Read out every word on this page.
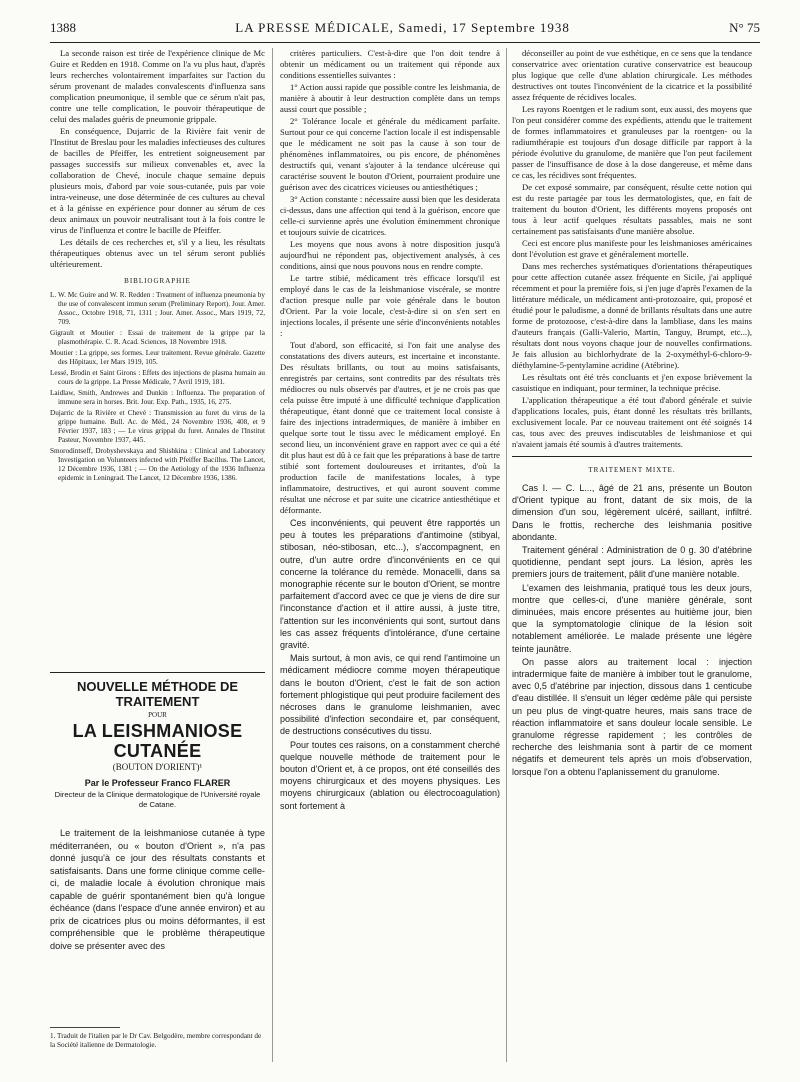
1388	LA PRESSE MÉDICALE, Samedi, 17 Septembre 1938	N° 75

La seconde raison est tirée de l'expérience clinique de Mc Guire et Redden en 1918. Comme on l'a vu plus haut, d'après leurs recherches volontairement imparfaites sur l'action du sérum provenant de malades convalescents d'influenza sans complication pneumonique, il semble que ce sérum n'ait pas, contre une telle complication, le pouvoir thérapeutique de celui des malades guéris de pneumonie grippale.

En conséquence, Dujarric de la Rivière fait venir de l'Institut de Breslau pour les maladies infectieuses des cultures de bacilles de Pfeiffer, les entretient soigneusement par passages successifs sur milieux convenables et, avec la collaboration de Chevé, inocule chaque semaine depuis plusieurs mois, d'abord par voie sous-cutanée, puis par voie intra-veineuse, une dose déterminée de ces cultures au cheval et à la génisse en expérience pour donner au sérum de ces deux animaux un pouvoir neutralisant tout à la fois contre le virus de l'influenza et contre le bacille de Pfeiffer.

Les détails de ces recherches et, s'il y a lieu, les résultats thérapeutiques obtenus avec un tel sérum seront publiés ultérieurement.

BIBLIOGRAPHIE
L. W. Mc Guire and W. R. Redden : Treatment of influenza pneumonia by the use of convalescent immun serum (Preliminary Report). Jour. Amer. Assoc., Octobre 1918, 71, 1311 ; Jour. Amer. Assoc., Mars 1919, 72, 709.
Gigrault et Moutier : Essai de traitement de la grippe par la plasmothérapie. C. R. Acad. Sciences, 18 Novembre 1918.
Moutier : La grippe, ses formes. Leur traitement. Revue générale. Gazette des Hôpitaux, 1er Mars 1919, 105.
Lessé, Brodin et Saint Girons : Effets des injections de plasma humain au cours de la grippe. La Presse Médicale, 7 Avril 1919, 181.
Laidlaw, Smith, Andrewes and Dunkin : Influenza. The preparation of immune sera in horses. Brit. Jour. Exp. Path., 1935, 16, 275.
Dujarric de la Rivière et Chevé : Transmission au furet du virus de la grippe humaine. Bull. Ac. de Méd., 24 Novembre 1936, 408, et 9 Février 1937, 183 ; — Le virus grippal du furet. Annales de l'Institut Pasteur, Novembre 1937, 445.
Smorodintseff, Drobyshevskaya and Shishkina : Clinical and Laboratory Investigation on Volunteers infected with Pfeiffer Bacillus. The Lancet, 12 Décembre 1936, 1381 ; — On the Aetiology of the 1936 Influenza epidemic in Leningrad. The Lancet, 12 Décembre 1936, 1386.
NOUVELLE MÉTHODE DE TRAITEMENT
POUR
LA LEISHMANIOSE CUTANÉE
(BOUTON D'ORIENT)¹
Par le Professeur Franco FLARER
Directeur de la Clinique dermatologique de l'Université royale de Catane.

Le traitement de la leishmaniose cutanée à type méditerranéen, ou « bouton d'Orient », n'a pas donné jusqu'à ce jour des résultats constants et satisfaisants. Dans une forme clinique comme celle-ci, de maladie locale à évolution chronique mais capable de guérir spontanément bien qu'à longue échéance (dans l'espace d'une année environ) et au prix de cicatrices plus ou moins déformantes, il est compréhensible que le problème thérapeutique doive se présenter avec des

1. Traduit de l'italien par le Dr Cav. Belgodère, membre correspondant de la Société italienne de Dermatologie.

critères particuliers. C'est-à-dire que l'on doit tendre à obtenir un médicament ou un traitement qui réponde aux conditions essentielles suivantes :

1° Action aussi rapide que possible contre les leishmania, de manière à aboutir à leur destruction complète dans un temps aussi court que possible ;

2° Tolérance locale et générale du médicament parfaite. Surtout pour ce qui concerne l'action locale il est indispensable que le médicament ne soit pas la cause à son tour de phénomènes inflammatoires, ou pis encore, de phénomènes destructifs qui, venant s'ajouter à la tendance ulcéreuse qui caractérise souvent le bouton d'Orient, pourraient produire une guérison avec des cicatrices vicieuses ou antiesthétiques ;

3° Action constante : nécessaire aussi bien que les desiderata ci-dessus, dans une affection qui tend à la guérison, encore que celle-ci survienne après une évolution éminemment chronique et toujours suivie de cicatrices.

Les moyens que nous avons à notre disposition jusqu'à aujourd'hui ne répondent pas, objectivement analysés, à ces conditions, ainsi que nous pouvons nous en rendre compte.

Le tartre stibié, médicament très efficace lorsqu'il est employé dans le cas de la leishmaniose viscérale, se montre d'action presque nulle par voie générale dans le bouton d'Orient. Par la voie locale, c'est-à-dire si on s'en sert en injections locales, il présente une série d'inconvénients notables :

Tout d'abord, son efficacité, si l'on fait une analyse des constatations des divers auteurs, est incertaine et inconstante. Des résultats brillants, ou tout au moins satisfaisants, enregistrés par certains, sont contredits par des résultats très médiocres ou nuls observés par d'autres, et je ne crois pas que cela puisse être imputé à une difficulté technique d'application thérapeutique, étant donné que ce traitement local consiste à faire des injections intradermiques, de manière à imbiber en quelque sorte tout le tissu avec le médicament employé. En second lieu, un inconvénient grave en rapport avec ce qui a été dit plus haut est dû à ce fait que les préparations à base de tartre stibié sont fortement douloureuses et irritantes, d'où la production facile de manifestations locales, à type inflammatoire, destructives, et qui auront souvent comme résultat une nécrose et par suite une cicatrice antiesthétique et déformante.

Ces inconvénients, qui peuvent être rapportés un peu à toutes les préparations d'antimoine (stibyal, stibosan, néo-stibosan, etc...), s'accompagnent, en outre, d'un autre ordre d'inconvénients en ce qui concerne la tolérance du remède. Monacelli, dans sa monographie récente sur le bouton d'Orient, se montre parfaitement d'accord avec ce que je viens de dire sur l'inconstance d'action et il attire aussi, à juste titre, l'attention sur les inconvénients qui sont, surtout dans les cas assez fréquents d'intolérance, d'une certaine gravité.

Mais surtout, à mon avis, ce qui rend l'antimoine un médicament médiocre comme moyen thérapeutique dans le bouton d'Orient, c'est le fait de son action fortement phlogistique qui peut produire facilement des nécroses dans le granulome leishmanien, avec possibilité d'infection secondaire et, par conséquent, de destructions consécutives du tissu.

Pour toutes ces raisons, on a constamment cherché quelque nouvelle méthode de traitement pour le bouton d'Orient et, à ce propos, ont été conseillés des moyens chirurgicaux et des moyens physiques. Les moyens chirurgicaux (ablation ou électrocoagulation) sont fortement à

déconseiller au point de vue esthétique, en ce sens que la tendance conservatrice avec orientation curative conservatrice est beaucoup plus logique que celle d'une ablation chirurgicale. Les méthodes destructives ont toutes l'inconvénient de la cicatrice et la possibilité assez fréquente de récidives locales.

Les rayons Roentgen et le radium sont, eux aussi, des moyens que l'on peut considérer comme des expédients, attendu que le traitement de formes inflammatoires et granuleuses par la roentgen- ou la radiumthérapie est toujours d'un dosage difficile par rapport à la période évolutive du granulome, de manière que l'on peut facilement passer de l'insuffisance de dose à la dose dangereuse, et même dans ce cas, les récidives sont fréquentes.

De cet exposé sommaire, par conséquent, résulte cette notion qui est du reste partagée par tous les dermatologistes, que, en fait de traitement du bouton d'Orient, les différents moyens proposés ont tous à leur actif quelques résultats passables, mais ne sont certainement pas satisfaisants d'une manière absolue.

Ceci est encore plus manifeste pour les leishmanioses américaines dont l'évolution est grave et généralement mortelle.

Dans mes recherches systématiques d'orientations thérapeutiques pour cette affection cutanée assez fréquente en Sicile, j'ai appliqué récemment et pour la première fois, si j'en juge d'après l'examen de la littérature médicale, un médicament anti-protozoaire, qui, proposé et étudié pour le paludisme, a donné de brillants résultats dans une autre forme de protozoose, c'est-à-dire dans la lambliase, dans les mains d'auteurs français (Galli-Valerio, Martin, Tanguy, Brumpt, etc...), résultats dont nous voyons chaque jour de nouvelles confirmations. Je fais allusion au bichlorhydrate de la 2-oxyméthyl-6-chloro-9-diéthylamine-5-pentylamine acridine (Atébrine).

Les résultats ont été très concluants et j'en expose brièvement la casuistique en indiquant, pour terminer, la technique précise.

L'application thérapeutique a été tout d'abord générale et suivie d'applications locales, puis, étant donné les résultats très brillants, exclusivement locale. Par ce nouveau traitement ont été soignés 14 cas, tous avec des preuves indiscutables de leishmaniose et qui n'avaient jamais été soumis à d'autres traitements.

TRAITEMENT MIXTE.

Cas I. — C. L..., âgé de 21 ans, présente un Bouton d'Orient typique au front, datant de six mois, de la dimension d'un sou, légèrement ulcéré, saillant, infiltré. Dans le frottis, recherche des leishmania positive abondante.

Traitement général : Administration de 0 g. 30 d'atébrine quotidienne, pendant sept jours. La lésion, après les premiers jours de traitement, pâlit d'une manière notable.

L'examen des leishmania, pratiqué tous les deux jours, montre que celles-ci, d'une manière générale, sont diminuées, mais encore présentes au huitième jour, bien que la symptomatologie clinique de la lésion soit notablement améliorée. Le malade présente une légère teinte jaunâtre.

On passe alors au traitement local : injection intradermique faite de manière à imbiber tout le granulome, avec 0,5 d'atébrine par injection, dissous dans 1 centicube d'eau distillée. Il s'ensuit un léger œdème pâle qui persiste un peu plus de vingt-quatre heures, mais sans trace de réaction inflammatoire et sans douleur locale sensible. Le granulome régresse rapidement ; les contrôles de recherche des leishmania sont à partir de ce moment négatifs et demeurent tels après un mois d'observation, lorsque l'on a obtenu l'aplanissement du granulome.
